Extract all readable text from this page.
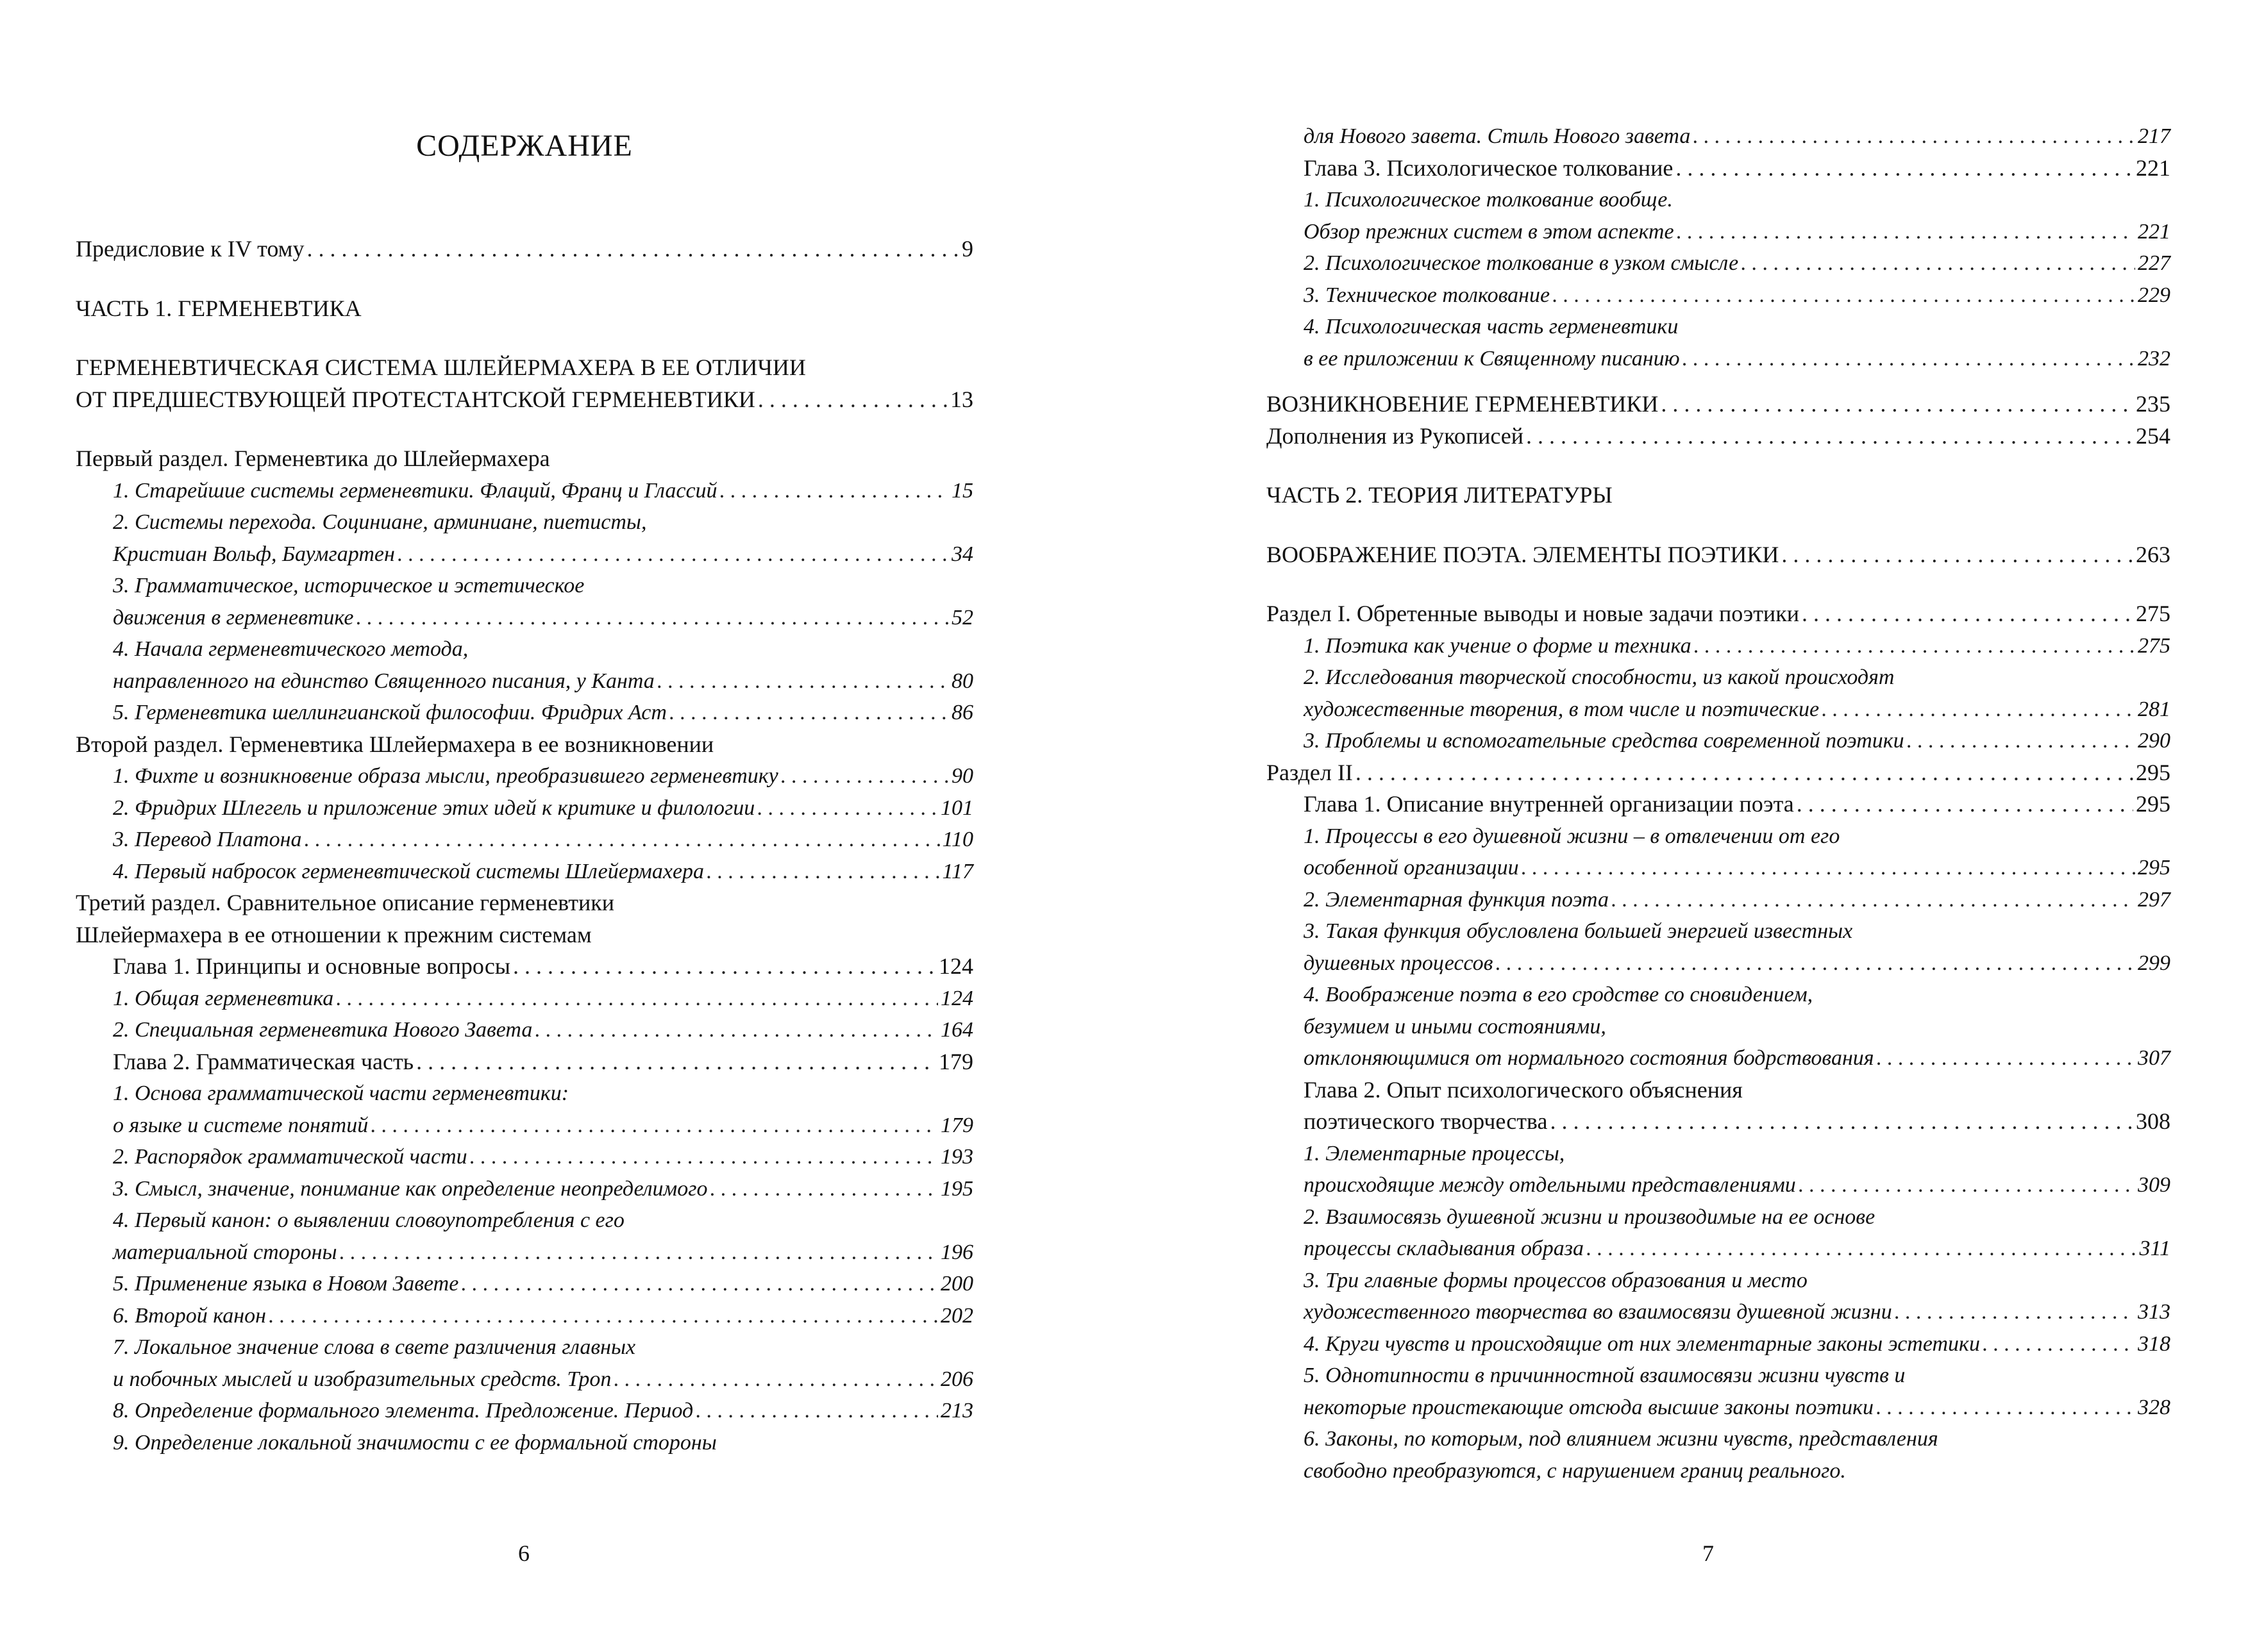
СОДЕРЖАНИЕ
Предисловие к IV тому . . .	9
ЧАСТЬ 1. ГЕРМЕНЕВТИКА
ГЕРМЕНЕВТИЧЕСКАЯ СИСТЕМА ШЛЕЙЕРМАХЕРА В ЕЕ ОТЛИЧИИ
ОТ ПРЕДШЕСТВУЮЩЕЙ ПРОТЕСТАНТСКОЙ ГЕРМЕНЕВТИКИ . . .	13
Первый раздел. Герменевтика до Шлейермахера
1. Старейшие системы герменевтики. Флаций, Франц и Глассий . . .	15
2. Системы перехода. Социниане, арминиане, пиетисты,
Кристиан Вольф, Баумгартен . . .	34
3. Грамматическое, историческое и эстетическое
движения в герменевтике . . .	52
4. Начала герменевтического метода,
направленного на единство Священного писания, у Канта . . .	80
5. Герменевтика шеллингианской философии. Фридрих Аст . . .	86
Второй раздел. Герменевтика Шлейермахера в ее возникновении
1. Фихте и возникновение образа мысли, преобразившего герменевтику . . .	90
2. Фридрих Шлегель и приложение этих идей к критике и филологии . . .	101
3. Перевод Платона . . .	110
4. Первый набросок герменевтической системы Шлейермахера . . .	117
Третий раздел. Сравнительное описание герменевтики
Шлейермахера в ее отношении к прежним системам
Глава 1. Принципы и основные вопросы . . .	124
1. Общая герменевтика . . .	124
2. Специальная герменевтика Нового Завета . . .	164
Глава 2. Грамматическая часть . . .	179
1. Основа грамматической части герменевтики:
о языке и системе понятий . . .	179
2. Распорядок грамматической части . . .	193
3. Смысл, значение, понимание как определение неопределимого . . .	195
4. Первый канон: о выявлении словоупотребления с его
материальной стороны . . .	196
5. Применение языка в Новом Завете . . .	200
6. Второй канон . . .	202
7. Локальное значение слова в свете различения главных
и побочных мыслей и изобразительных средств. Троп . . .	206
8. Определение формального элемента. Предложение. Период . . .	213
9. Определение локальной значимости с ее формальной стороны
6
для Нового завета. Стиль Нового завета . . .	217
Глава 3. Психологическое толкование . . .	221
1. Психологическое толкование вообще.
Обзор прежних систем в этом аспекте . . .	221
2. Психологическое толкование в узком смысле . . .	227
3. Техническое толкование . . .	229
4. Психологическая часть герменевтики
в ее приложении к Священному писанию . . .	232
ВОЗНИКНОВЕНИЕ ГЕРМЕНЕВТИКИ . . .	235
Дополнения из Рукописей . . .	254
ЧАСТЬ 2. ТЕОРИЯ ЛИТЕРАТУРЫ
ВООБРАЖЕНИЕ ПОЭТА. ЭЛЕМЕНТЫ ПОЭТИКИ . . .	263
Раздел I. Обретенные выводы и новые задачи поэтики . . .	275
1. Поэтика как учение о форме и техника . . .	275
2. Исследования творческой способности, из какой происходят
художественные творения, в том числе и поэтические . . .	281
3. Проблемы и вспомогательные средства современной поэтики . . .	290
Раздел II . . .	295
Глава 1. Описание внутренней организации поэта . . .	295
1. Процессы в его душевной жизни – в отвлечении от его
особенной организации . . .	295
2. Элементарная функция поэта . . .	297
3. Такая функция обусловлена большей энергией известных
душевных процессов . . .	299
4. Воображение поэта в его сродстве со сновидением,
безумием и иными состояниями,
отклоняющимися от нормального состояния бодрствования . . .	307
Глава 2. Опыт психологического объяснения
поэтического творчества . . .	308
1. Элементарные процессы,
происходящие между отдельными представлениями . . .	309
2. Взаимосвязь душевной жизни и производимые на ее основе
процессы складывания образа . . .	311
3. Три главные формы процессов образования и место
художественного творчества во взаимосвязи душевной жизни . . .	313
4. Круги чувств и происходящие от них элементарные законы эстетики . . .	318
5. Однотипности в причинностной взаимосвязи жизни чувств и
некоторые проистекающие отсюда высшие законы поэтики . . .	328
6. Законы, по которым, под влиянием жизни чувств, представления
свободно преобразуются, с нарушением границ реального.
7
